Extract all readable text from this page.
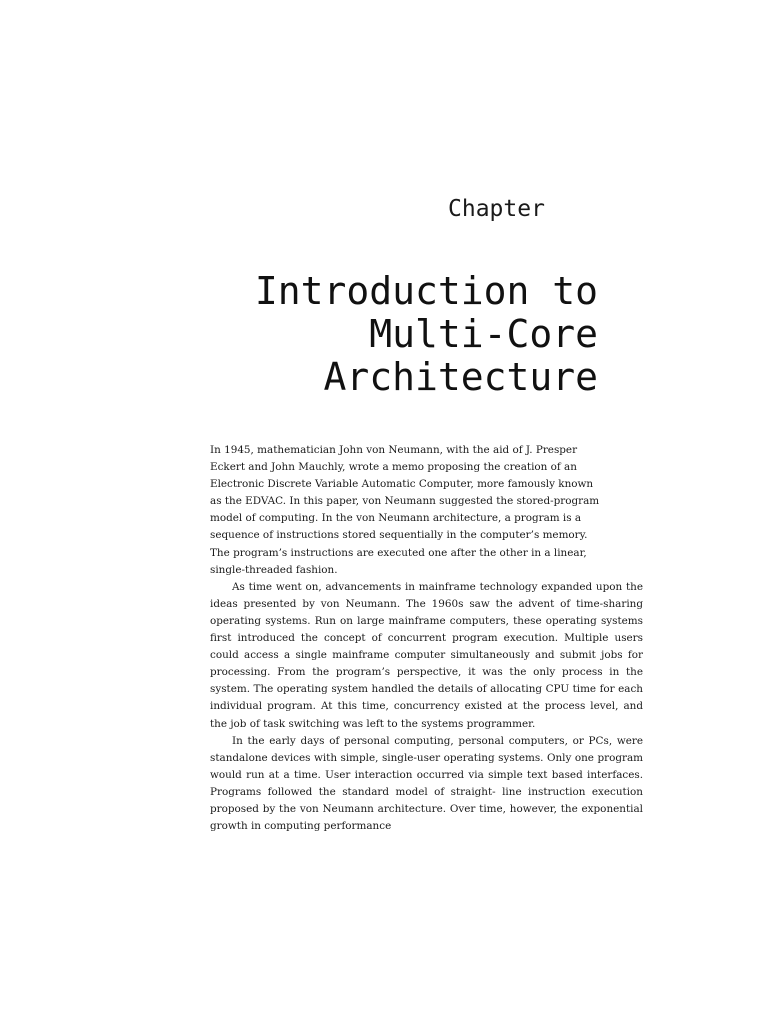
Chapter
Introduction to
Multi-Core
Architecture
In 1945, mathematician John von Neumann, with the aid of J. Presper
Eckert and John Mauchly, wrote a memo proposing the creation of an
Electronic Discrete Variable Automatic Computer, more famously known
as the EDVAC. In this paper, von Neumann suggested the stored-program
model of computing. In the von Neumann architecture, a program is a
sequence of instructions stored sequentially in the computer’s memory.
The program’s instructions are executed one after the other in a linear,
single-threaded fashion.

As time went on, advancements in mainframe technology expanded upon the ideas presented by von Neumann. The 1960s saw the advent of time-sharing operating systems. Run on large mainframe computers, these operating systems first introduced the concept of concurrent program execution. Multiple users could access a single mainframe computer simultaneously and submit jobs for processing. From the program’s perspective, it was the only process in the system. The operating system handled the details of allocating CPU time for each individual program. At this time, concurrency existed at the process level, and the job of task switching was left to the systems programmer.

In the early days of personal computing, personal computers, or PCs, were standalone devices with simple, single-user operating systems. Only one program would run at a time. User interaction occurred via simple text based interfaces. Programs followed the standard model of straight- line instruction execution proposed by the von Neumann architecture. Over time, however, the exponential growth in computing performance
